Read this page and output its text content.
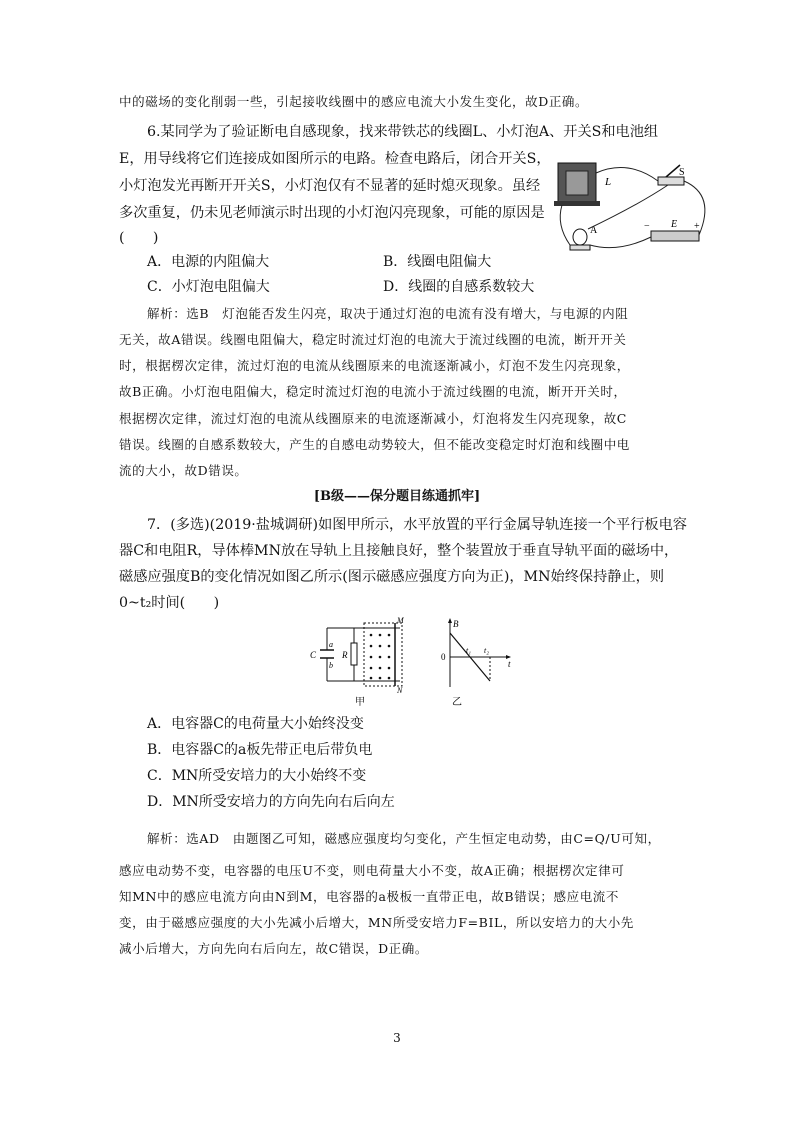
中的磁场的变化削弱一些，引起接收线圈中的感应电流大小发生变化，故D正确。
6.某同学为了验证断电自感现象，找来带铁芯的线圈L、小灯泡A、开关S和电池组
E，用导线将它们连接成如图所示的电路。检查电路后，闭合开关S，
小灯泡发光再断开开关S，小灯泡仅有不显著的延时熄灭现象。虽经
多次重复，仍未见老师演示时出现的小灯泡闪亮现象，可能的原因是
(　　)
A．电源的内阻偏大	B．线圈电阻偏大
C．小灯泡电阻偏大	D．线圈的自感系数较大
解析：选B　灯泡能否发生闪亮，取决于通过灯泡的电流有没有增大，与电源的内阻
无关，故A错误。线圈电阻偏大，稳定时流过灯泡的电流大于流过线圈的电流，断开开关
时，根据楞次定律，流过灯泡的电流从线圈原来的电流逐渐减小，灯泡不发生闪亮现象，
故B正确。小灯泡电阻偏大，稳定时流过灯泡的电流小于流过线圈的电流，断开开关时，
根据楞次定律，流过灯泡的电流从线圈原来的电流逐渐减小，灯泡将发生闪亮现象，故C
错误。线圈的自感系数较大，产生的自感电动势较大，但不能改变稳定时灯泡和线圈中电
流的大小，故D错误。
[B级——保分题目练通抓牢]
7．(多选)(2019·盐城调研)如图甲所示，水平放置的平行金属导轨连接一个平行板电容
器C和电阻R，导体棒MN放在导轨上且接触良好，整个装置放于垂直导轨平面的磁场中，
磁感应强度B的变化情况如图乙所示(图示磁感应强度方向为正)，MN始终保持静止，则
0~t₂时间(　　)
A．电容器C的电荷量大小始终没变
B．电容器C的a板先带正电后带负电
C．MN所受安培力的大小始终不变
D．MN所受安培力的方向先向右后向左
解析：选AD　由题图乙可知，磁感应强度均匀变化，产生恒定电动势，由C=Q/U可知，
感应电动势不变，电容器的电压U不变，则电荷量大小不变，故A正确；根据楞次定律可
知MN中的感应电流方向由N到M，电容器的a极板一直带正电，故B错误；感应电流不
变，由于磁感应强度的大小先减小后增大，MN所受安培力F=BIL，所以安培力的大小先
减小后增大，方向先向右后向左，故C错误，D正确。
3
L
S
A
E +
−
C
a
b
R
M
N
甲
B
0
t₁ t₂
t
乙
